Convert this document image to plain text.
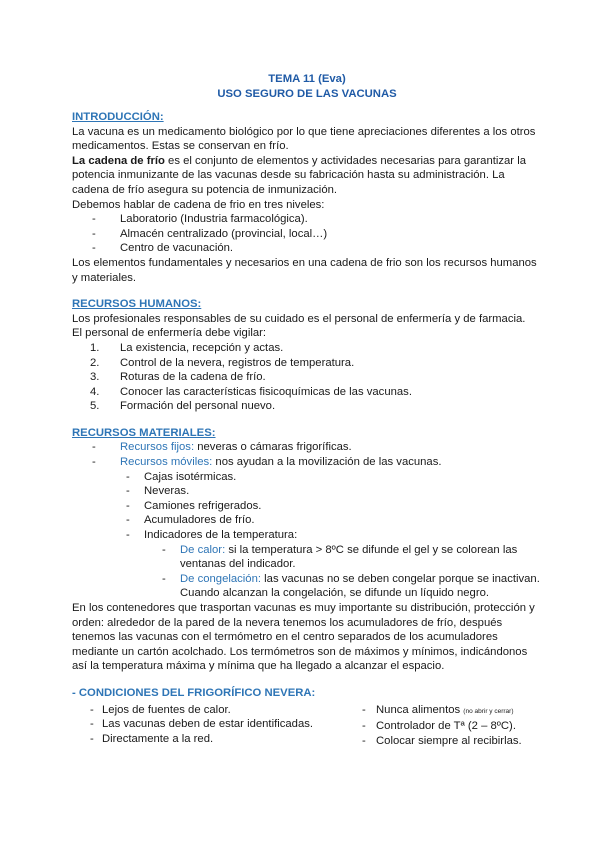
TEMA 11 (Eva)
USO SEGURO DE LAS VACUNAS
INTRODUCCIÓN:

La vacuna es un medicamento biológico por lo que tiene apreciaciones diferentes a los otros medicamentos. Estas se conservan en frío.

La cadena de frío es el conjunto de elementos y actividades necesarias para garantizar la potencia inmunizante de las vacunas desde su fabricación hasta su administración. La cadena de frío asegura su potencia de inmunización.

Debemos hablar de cadena de frio en tres niveles:

- Laboratorio (Industria farmacológica).
- Almacén centralizado (provincial, local…)
- Centro de vacunación.

Los elementos fundamentales y necesarios en una cadena de frio son los recursos humanos y materiales.

RECURSOS HUMANOS:

Los profesionales responsables de su cuidado es el personal de enfermería y de farmacia.

El personal de enfermería debe vigilar:

1. La existencia, recepción y actas.
2. Control de la nevera, registros de temperatura.
3. Roturas de la cadena de frío.
4. Conocer las características fisicoquímicas de las vacunas.
5. Formación del personal nuevo.
RECURSOS MATERIALES:
- Recursos fijos: neveras o cámaras frigoríficas.
- Recursos móviles: nos ayudan a la movilización de las vacunas.
- Cajas isotérmicas.
- Neveras.
- Camiones refrigerados.
- Acumuladores de frío.
- Indicadores de la temperatura:
- De calor: si la temperatura > 8ºC se difunde el gel y se colorean las ventanas del indicador.
- De congelación: las vacunas no se deben congelar porque se inactivan. Cuando alcanzan la congelación, se difunde un líquido negro.

En los contenedores que trasportan vacunas es muy importante su distribución, protección y orden: alrededor de la pared de la nevera tenemos los acumuladores de frío, después tenemos las vacunas con el termómetro en el centro separados de los acumuladores mediante un cartón acolchado. Los termómetros son de máximos y mínimos, indicándonos así la temperatura máxima y mínima que ha llegado a alcanzar el espacio.

- CONDICIONES DEL FRIGORÍFICO NEVERA:
- Lejos de fuentes de calor.
- Las vacunas deben de estar identificadas.
- Directamente a la red.
- Nunca alimentos (no abrir y cerrar)
- Controlador de Tª (2 – 8ºC).
- Colocar siempre al recibirlas.
